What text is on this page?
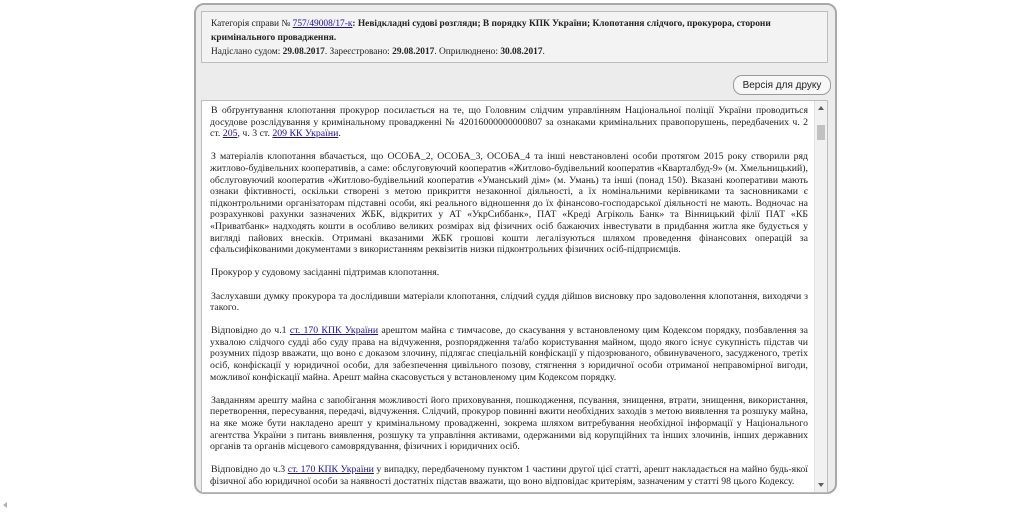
Категорія справи № 757/49008/17-к: Невідкладні судові розгляди; В порядку КПК України; Клопотання слідчого, прокурора, сторони кримінального провадження.
Надіслано судом: 29.08.2017. Зареєстровано: 29.08.2017. Оприлюднено: 30.08.2017.
Версія для друку

В обґрунтування клопотання прокурор посилається на те, що Головним слідчим управлінням Національної поліції України проводиться досудове розслідування у кримінальному провадженні № 42016000000000807 за ознаками кримінальних правопорушень, передбачених ч. 2 ст. 205, ч. 3 ст. 209 КК України.

З матеріалів клопотання вбачається, що ОСОБА_2, ОСОБА_3, ОСОБА_4 та інші невстановлені особи протягом 2015 року створили ряд житлово-будівельних кооперативів, а саме: обслуговуючий кооператив «Житлово-будівельний кооператив «Кварталбуд-9» (м. Хмельницький), обслуговуючий кооператив «Житлово-будівельний кооператив «Уманський дім» (м. Умань) та інші (понад 150). Вказані кооперативи мають ознаки фіктивності, оскільки створені з метою прикриття незаконної діяльності, а їх номінальними керівниками та засновниками є підконтрольними організаторам підставні особи, які реального відношення до їх фінансово-господарської діяльності не мають. Водночас на розрахункові рахунки зазначених ЖБК, відкритих у АТ «УкрСиббанк», ПАТ «Креді Агріколь Банк» та Вінницький філії ПАТ «КБ «Приватбанк» надходять кошти в особливо великих розмірах від фізичних осіб бажаючих інвестувати в придбання житла яке будується у вигляді пайових внесків. Отримані вказаними ЖБК грошові кошти легалізуються шляхом проведення фінансових операцій за сфальсифікованими документами з використанням реквізитів низки підконтрольних фізичних осіб-підприємців.

Прокурор у судовому засіданні підтримав клопотання.

Заслухавши думку прокурора та дослідивши матеріали клопотання, слідчий суддя дійшов висновку про задоволення клопотання, виходячи з такого.

Відповідно до ч.1 ст. 170 КПК України арештом майна є тимчасове, до скасування у встановленому цим Кодексом порядку, позбавлення за ухвалою слідчого судді або суду права на відчуження, розпорядження та/або користування майном, щодо якого існує сукупність підстав чи розумних підозр вважати, що воно є доказом злочину, підлягає спеціальній конфіскації у підозрюваного, обвинуваченого, засудженого, третіх осіб, конфіскації у юридичної особи, для забезпечення цивільного позову, стягнення з юридичної особи отриманої неправомірної вигоди, можливої конфіскації майна. Арешт майна скасовується у встановленому цим Кодексом порядку.

Завданням арешту майна є запобігання можливості його приховування, пошкодження, псування, знищення, втрати, знищення, використання, перетворення, пересування, передачі, відчуження. Слідчий, прокурор повинні вжити необхідних заходів з метою виявлення та розшуку майна, на яке може бути накладено арешт у кримінальному провадженні, зокрема шляхом витребування необхідної інформації у Національного агентства України з питань виявлення, розшуку та управління активами, одержаними від корупційних та інших злочинів, інших державних органів та органів місцевого самоврядування, фізичних і юридичних осіб.

Відповідно до ч.3 ст. 170 КПК України у випадку, передбаченому пунктом 1 частини другої цієї статті, арешт накладається на майно будь-якої фізичної або юридичної особи за наявності достатніх підстав вважати, що воно відповідає критеріям, зазначеним у статті 98 цього Кодексу.
